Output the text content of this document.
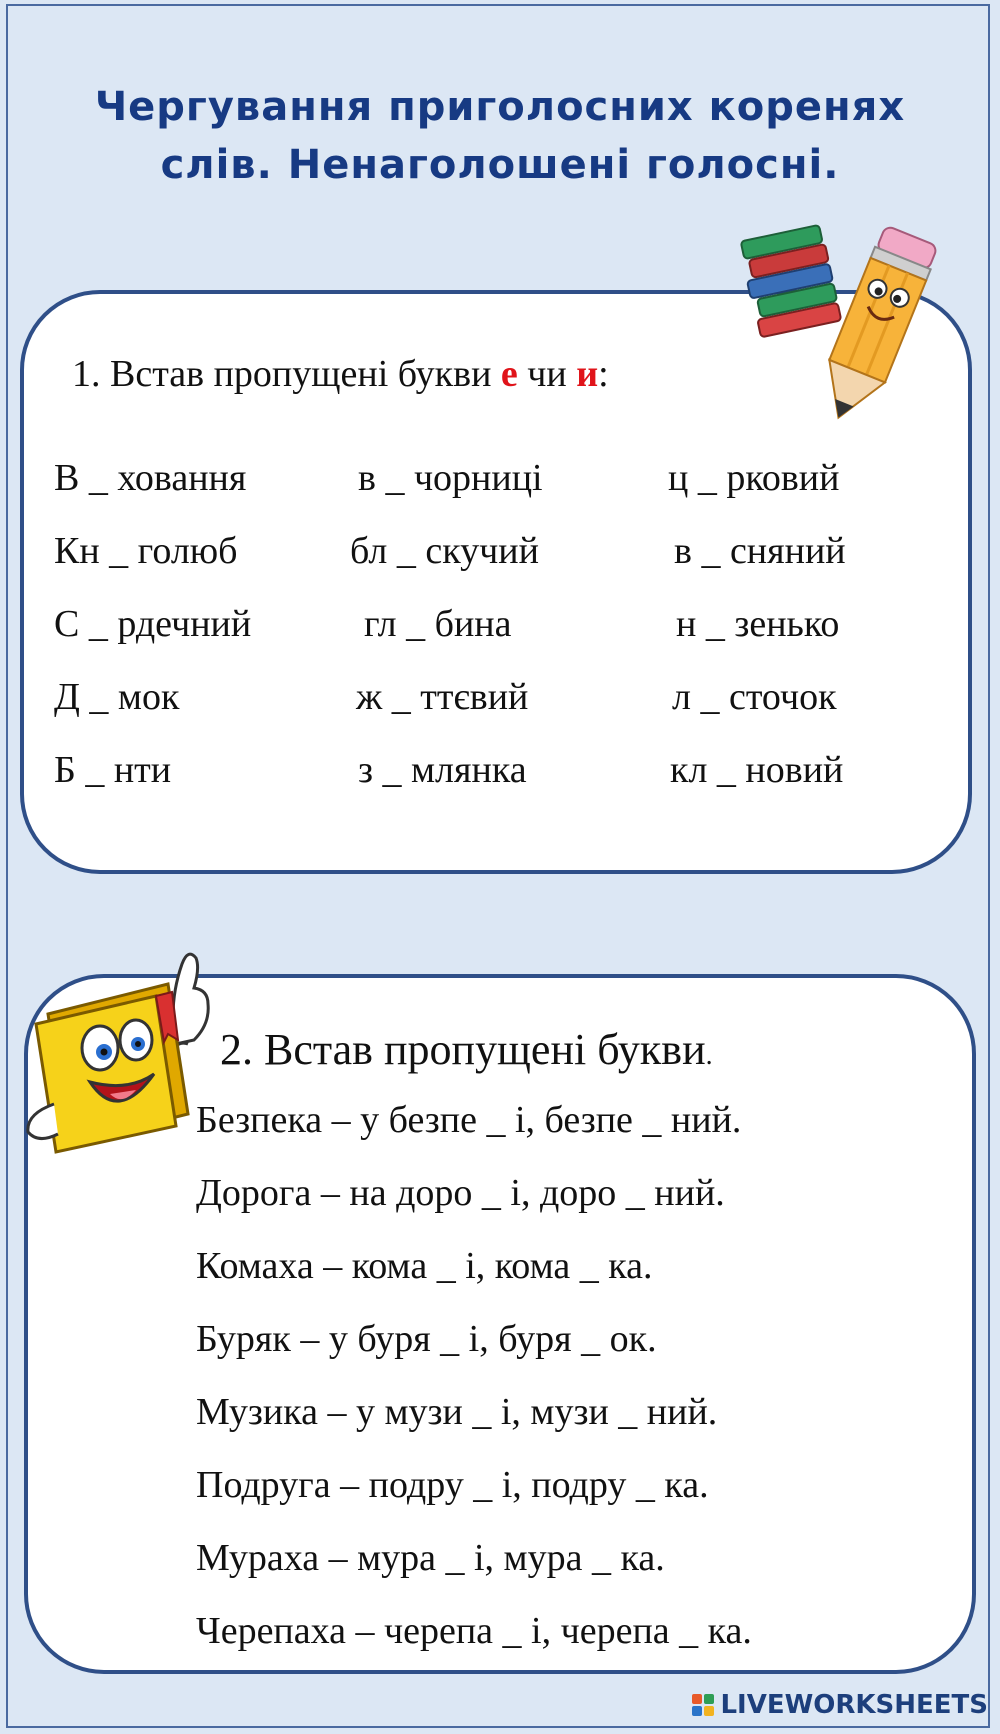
Чергування приголосних коренях
слів. Ненаголошені голосні.
1. Встав пропущені букви е чи и:
В _ ховання
Кн _ голюб
С _ рдечний
Д _ мок
Б _ нти
в _ чорниці
бл _ скучий
гл _ бина
ж _ ттєвий
з _ млянка
ц _ рковий
в _ сняний
н _ зенько
л _ сточок
кл _ новий
2. Встав пропущені букви.
Безпека – у безпе _ і, безпе _ ний.
Дорога – на доро _ і, доро _ ний.
Комаха – кома _ і, кома _ ка.
Буряк – у буря _ і, буря _ ок.
Музика – у музи _ і, музи _ ний.
Подруга – подру _ і, подру _ ка.
Мураха – мура _ і, мура _ ка.
Черепаха – черепа _ і, черепа _ ка.
LIVEWORKSHEETS
